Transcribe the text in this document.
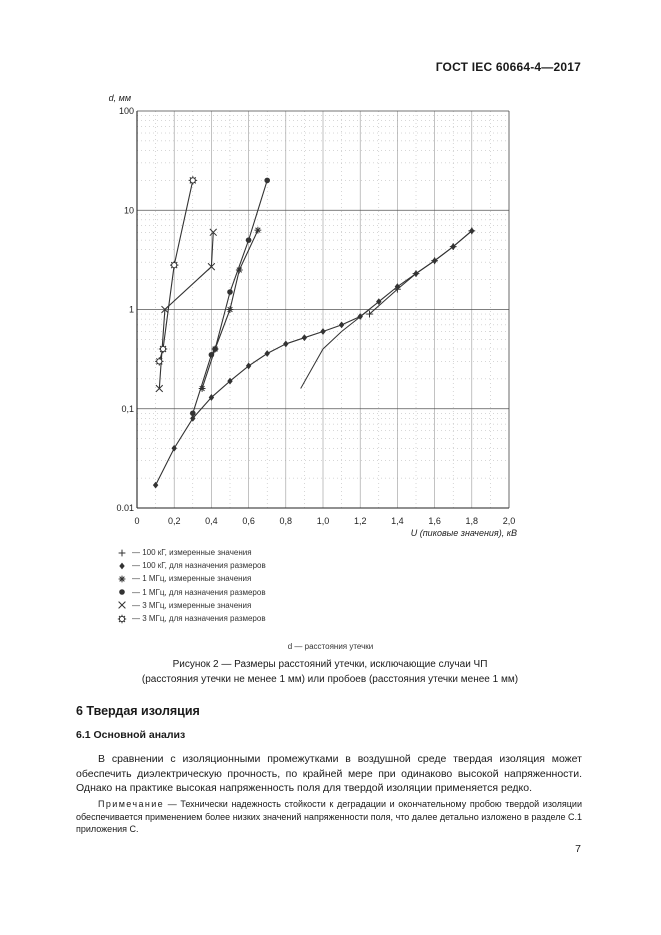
ГОСТ IEC 60664-4—2017
0	0,2	0,4	0,6	0,8	1,0	1,2	1,4	1,6	1,8	2,0
0.01
0,1
1
10
100
d, мм
U (пиковые значения), кВ
— 100 кГ, измеренные значения
— 100 кГ, для назначения размеров
— 1 МГц, измеренные значения
— 1 МГц, для назначения размеров
— 3 МГц, измеренные значения
— 3 МГц, для назначения размеров
d — расстояния утечки
Рисунок 2 — Размеры расстояний утечки, исключающие случаи ЧП
(расстояния утечки не менее 1 мм) или пробоев (расстояния утечки менее 1 мм)
6 Твердая изоляция
6.1 Основной анализ
В сравнении с изоляционными промежутками в воздушной среде твердая изоляция может обеспечить диэлектрическую прочность, по крайней мере при одинаково высокой напряженности. Однако на практике высокая напряженность поля для твердой изоляции применяется редко.
Примечание — Технически надежность стойкости к деградации и окончательному пробою твердой изоляции обеспечивается применением более низких значений напряженности поля, что далее детально изложено в разделе С.1 приложения С.
7
